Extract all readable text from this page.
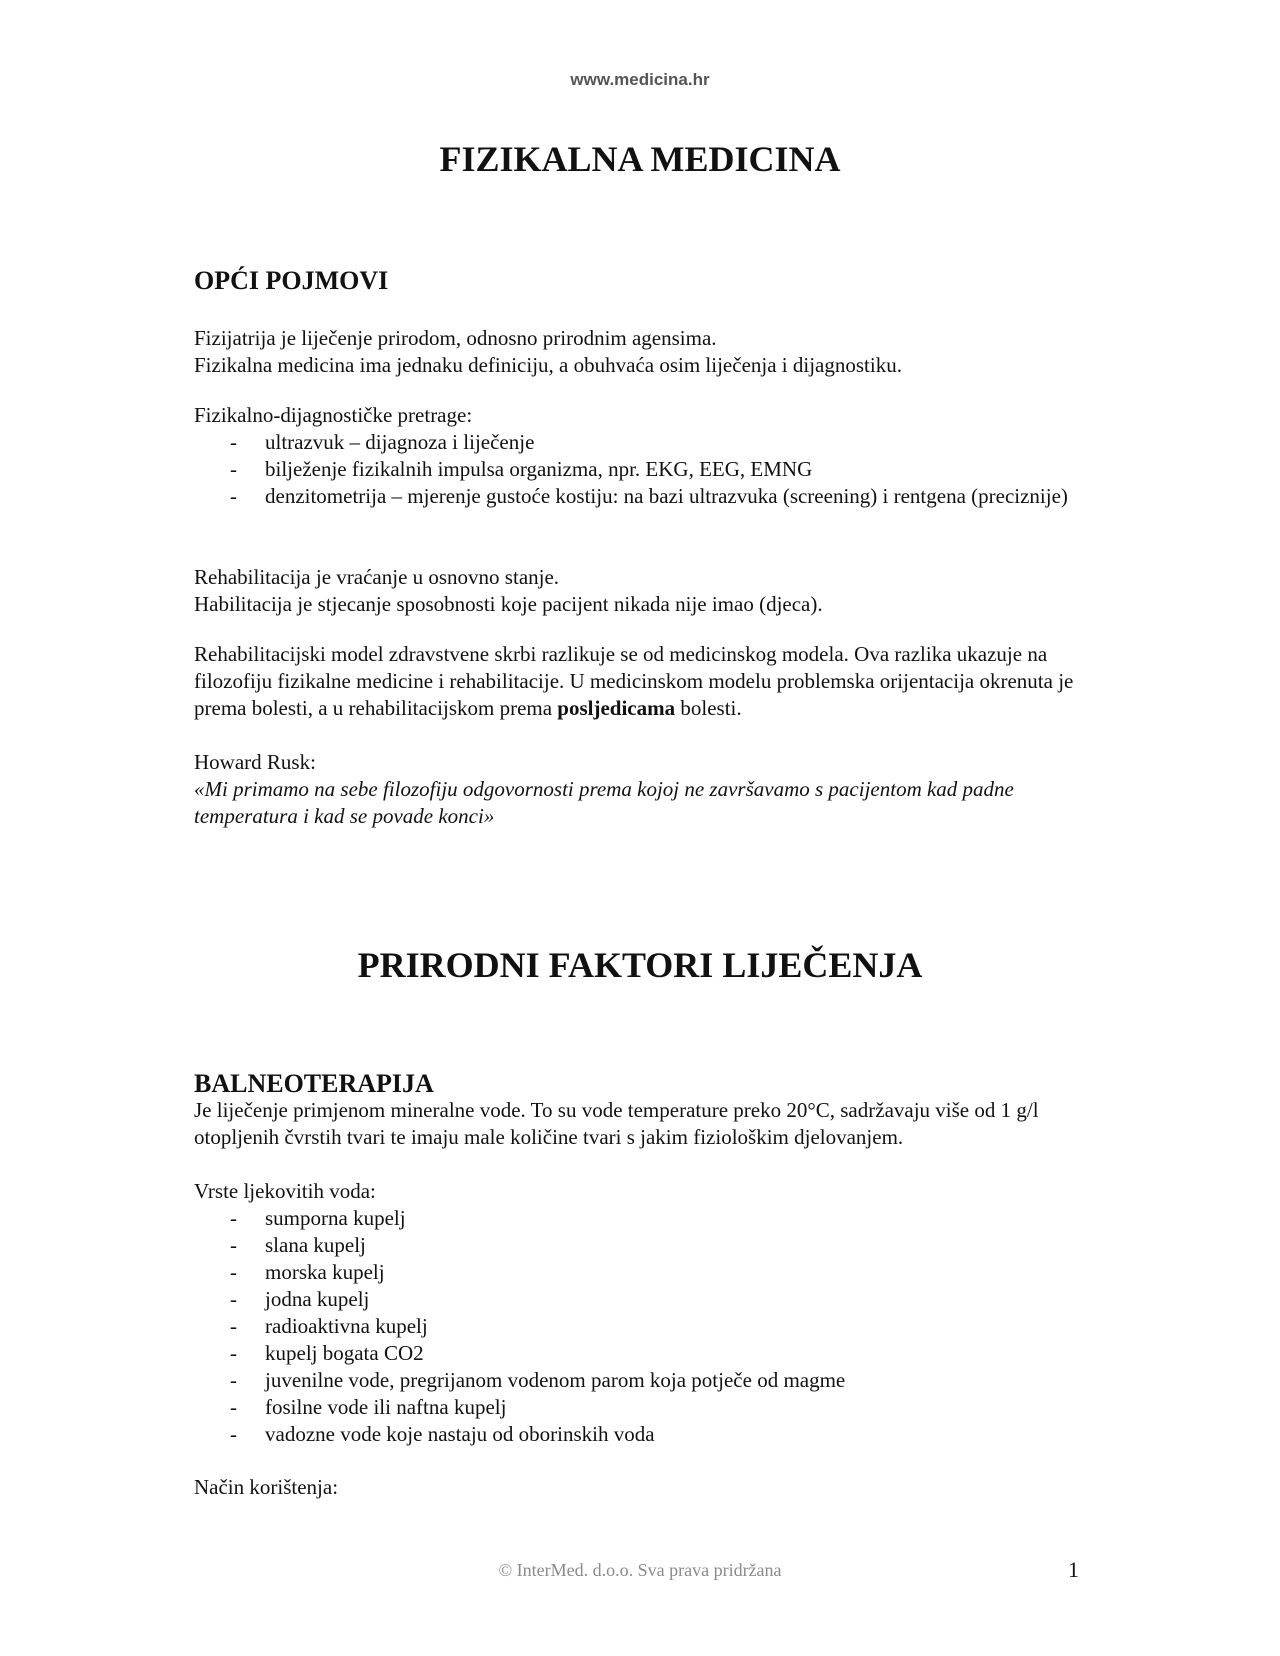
www.medicina.hr
FIZIKALNA MEDICINA
OPĆI POJMOVI

Fizijatrija je liječenje prirodom, odnosno prirodnim agensima.

Fizikalna medicina ima jednaku definiciju, a obuhvaća osim liječenja i dijagnostiku.

Fizikalno-dijagnostičke pretrage:

- ultrazvuk – dijagnoza i liječenje
- bilježenje fizikalnih impulsa organizma, npr. EKG, EEG, EMNG
- denzitometrija – mjerenje gustoće kostiju: na bazi ultrazvuka (screening) i rentgena (preciznije)

Rehabilitacija je vraćanje u osnovno stanje.

Habilitacija je stjecanje sposobnosti koje pacijent nikada nije imao (djeca).

Rehabilitacijski model zdravstvene skrbi razlikuje se od medicinskog modela. Ova razlika ukazuje na filozofiju fizikalne medicine i rehabilitacije. U medicinskom modelu problemska orijentacija okrenuta je prema bolesti, a u rehabilitacijskom prema posljedicama bolesti.

Howard Rusk:

«Mi primamo na sebe filozofiju odgovornosti prema kojoj ne završavamo s pacijentom kad padne temperatura i kad se povade konci»

PRIRODNI FAKTORI LIJEČENJA
BALNEOTERAPIJA

Je liječenje primjenom mineralne vode. To su vode temperature preko 20°C, sadržavaju više od 1 g/l otopljenih čvrstih tvari te imaju male količine tvari s jakim fiziološkim djelovanjem.

Vrste ljekovitih voda:

- sumporna kupelj
- slana kupelj
- morska kupelj
- jodna kupelj
- radioaktivna kupelj
- kupelj bogata CO2
- juvenilne vode, pregrijanom vodenom parom koja potječe od magme
- fosilne vode ili naftna kupelj
- vadozne vode koje nastaju od oborinskih voda

Način korištenja:

© InterMed. d.o.o. Sva prava pridržana	1
